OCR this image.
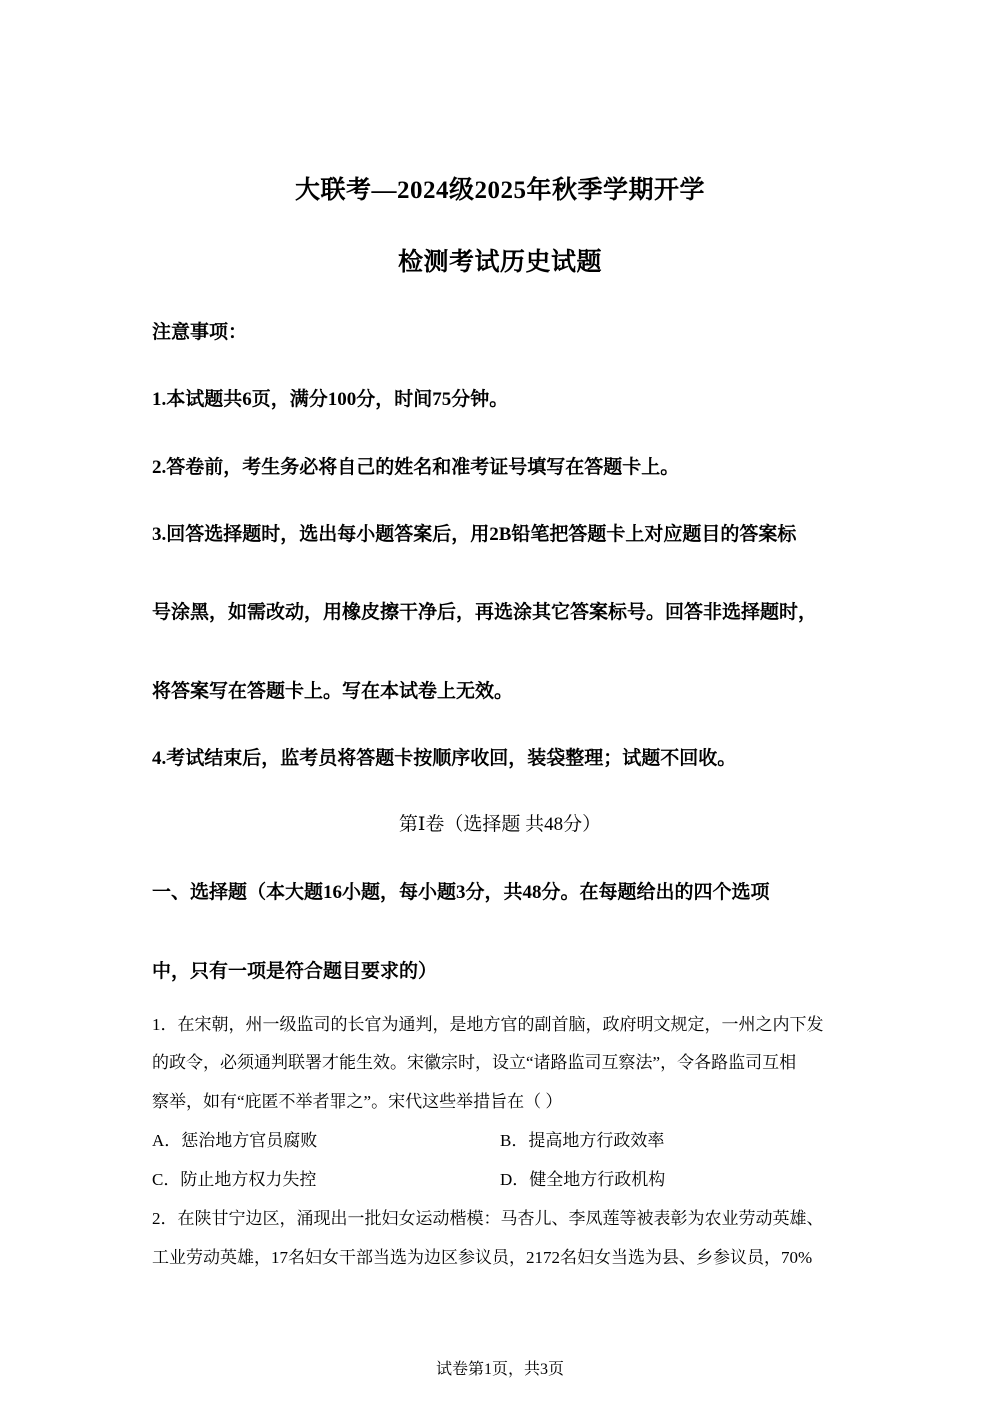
大联考—2024级2025年秋季学期开学
检测考试历史试题
注意事项：
1.本试题共6页，满分100分，时间75分钟。
2.答卷前，考生务必将自己的姓名和准考证号填写在答题卡上。
3.回答选择题时，选出每小题答案后，用2B铅笔把答题卡上对应题目的答案标
号涂黑，如需改动，用橡皮擦干净后，再选涂其它答案标号。回答非选择题时，
将答案写在答题卡上。写在本试卷上无效。
4.考试结束后，监考员将答题卡按顺序收回，装袋整理；试题不回收。
第Ⅰ卷（选择题 共48分）
一、选择题（本大题16小题，每小题3分，共48分。在每题给出的四个选项
中，只有一项是符合题目要求的）
1．在宋朝，州一级监司的长官为通判，是地方官的副首脑，政府明文规定，一州之内下发
的政令，必须通判联署才能生效。宋徽宗时，设立“诸路监司互察法”，令各路监司互相
察举，如有“庇匿不举者罪之”。宋代这些举措旨在（ ）
A．惩治地方官员腐败	B．提高地方行政效率
C．防止地方权力失控	D．健全地方行政机构
2．在陕甘宁边区，涌现出一批妇女运动楷模：马杏儿、李凤莲等被表彰为农业劳动英雄、
工业劳动英雄，17名妇女干部当选为边区参议员，2172名妇女当选为县、乡参议员，70%
试卷第1页，共3页
